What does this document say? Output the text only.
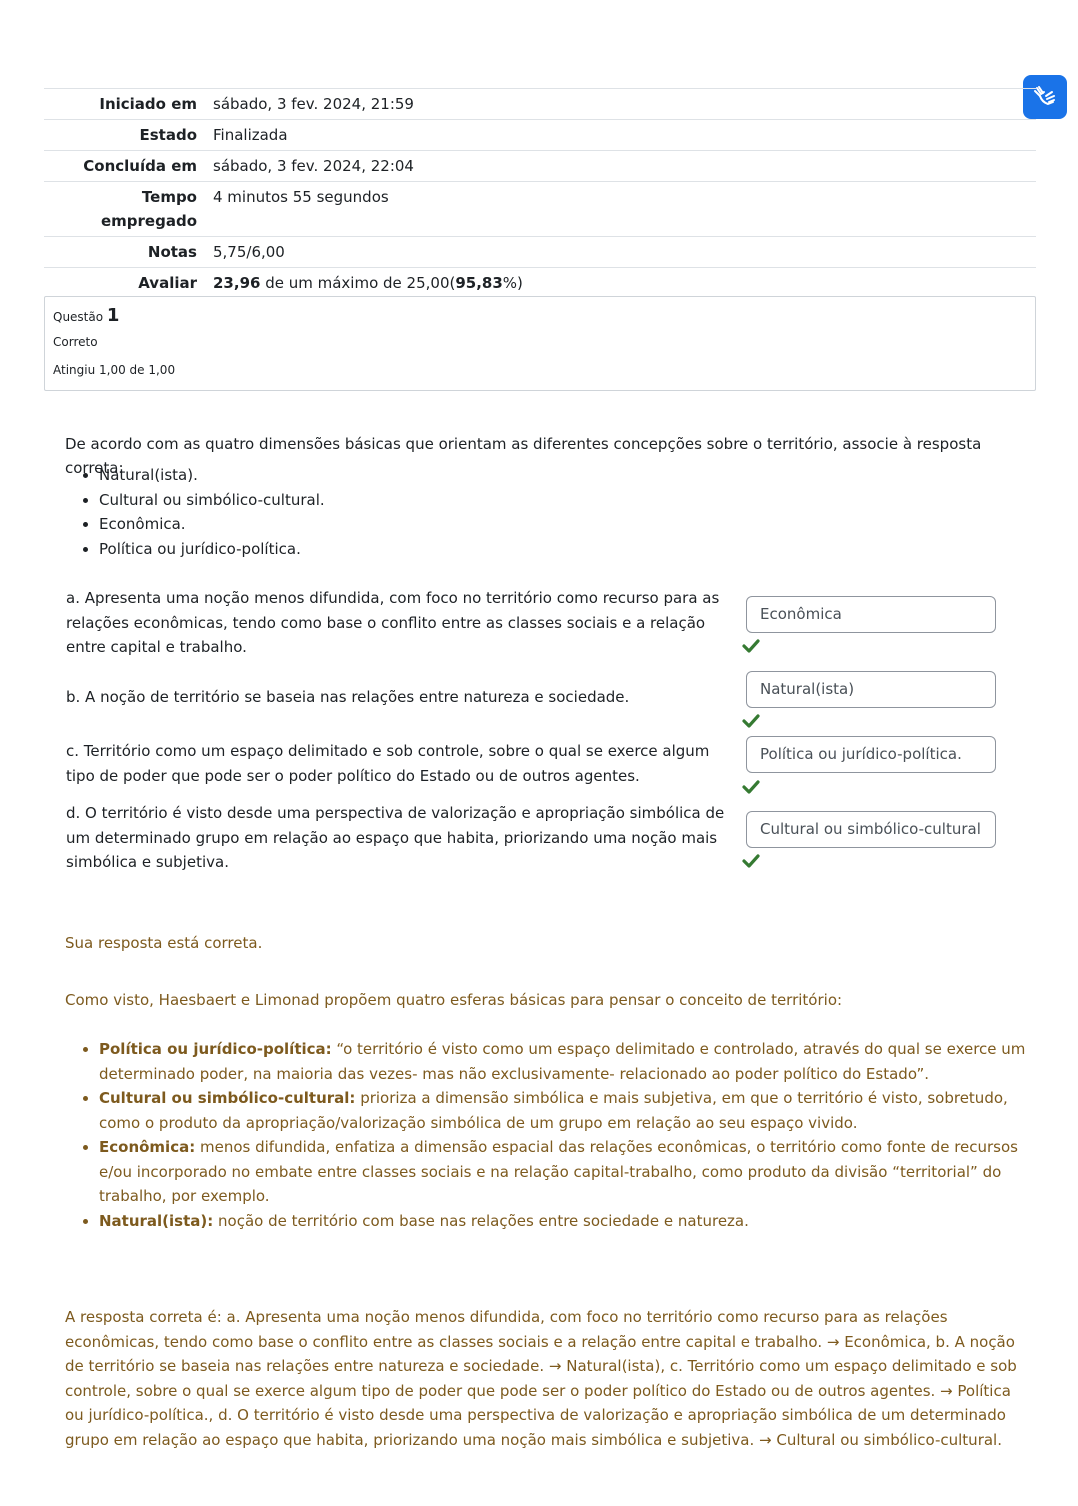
Iniciado em	sábado, 3 fev. 2024, 21:59
Estado	Finalizada
Concluída em	sábado, 3 fev. 2024, 22:04
Tempo empregado	4 minutos 55 segundos
Notas	5,75/6,00
Avaliar	23,96 de um máximo de 25,00(95,83%)
Questão 1
Correto
Atingiu 1,00 de 1,00
De acordo com as quatro dimensões básicas que orientam as diferentes concepções sobre o território, associe à resposta correta:
• Natural(ista).
• Cultural ou simbólico-cultural.
• Econômica.
• Política ou jurídico-política.
a. Apresenta uma noção menos difundida, com foco no território como recurso para as relações econômicas, tendo como base o conflito entre as classes sociais e a relação entre capital e trabalho.
Econômica
b. A noção de território se baseia nas relações entre natureza e sociedade.	Natural(ista)
c. Território como um espaço delimitado e sob controle, sobre o qual se exerce algum tipo de poder que pode ser o poder político do Estado ou de outros agentes.
Política ou jurídico-política.
d. O território é visto desde uma perspectiva de valorização e apropriação simbólica de um determinado grupo em relação ao espaço que habita, priorizando uma noção mais simbólica e subjetiva.
Cultural ou simbólico-cultural
Sua resposta está correta.
Como visto, Haesbaert e Limonad propõem quatro esferas básicas para pensar o conceito de território:
• Política ou jurídico-política: “o território é visto como um espaço delimitado e controlado, através do qual se exerce um determinado poder, na maioria das vezes- mas não exclusivamente- relacionado ao poder político do Estado”.
• Cultural ou simbólico-cultural: prioriza a dimensão simbólica e mais subjetiva, em que o território é visto, sobretudo, como o produto da apropriação/valorização simbólica de um grupo em relação ao seu espaço vivido.
• Econômica: menos difundida, enfatiza a dimensão espacial das relações econômicas, o território como fonte de recursos e/ou incorporado no embate entre classes sociais e na relação capital-trabalho, como produto da divisão “territorial” do trabalho, por exemplo.
• Natural(ista): noção de território com base nas relações entre sociedade e natureza.
A resposta correta é: a. Apresenta uma noção menos difundida, com foco no território como recurso para as relações econômicas, tendo como base o conflito entre as classes sociais e a relação entre capital e trabalho. → Econômica, b. A noção de território se baseia nas relações entre natureza e sociedade. → Natural(ista), c. Território como um espaço delimitado e sob controle, sobre o qual se exerce algum tipo de poder que pode ser o poder político do Estado ou de outros agentes. → Política ou jurídico-política., d. O território é visto desde uma perspectiva de valorização e apropriação simbólica de um determinado grupo em relação ao espaço que habita, priorizando uma noção mais simbólica e subjetiva. → Cultural ou simbólico-cultural.
